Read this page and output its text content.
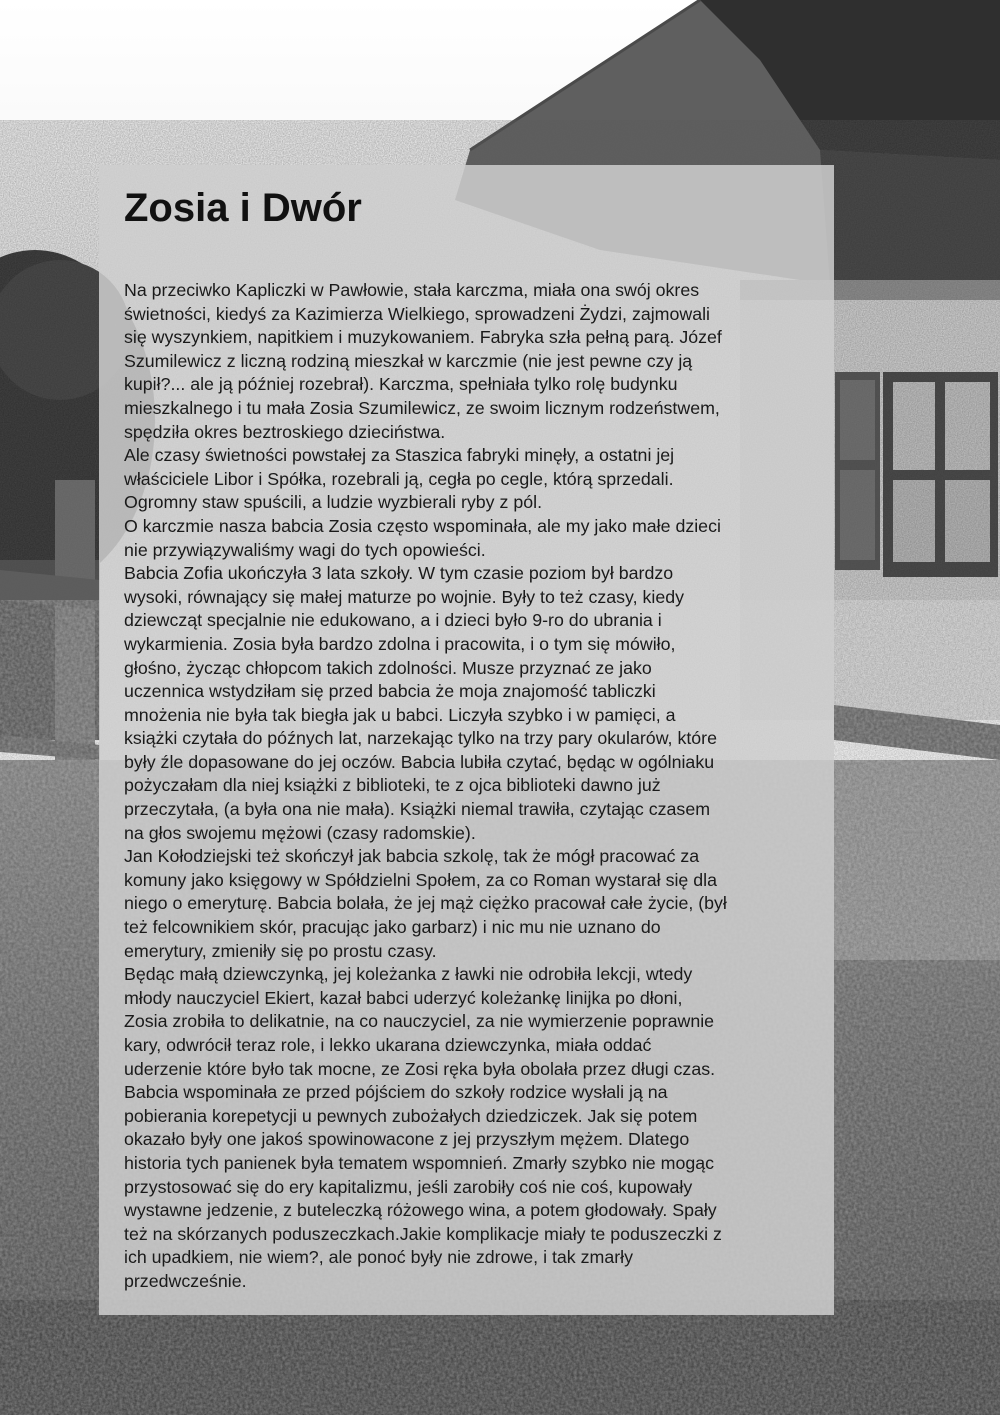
Zosia i Dwór
Na przeciwko Kapliczki w Pawłowie, stała karczma, miała ona swój okres
świetności, kiedyś za Kazimierza Wielkiego, sprowadzeni Żydzi, zajmowali
się wyszynkiem, napitkiem i muzykowaniem. Fabryka szła pełną parą. Józef
Szumilewicz z liczną rodziną mieszkał w karczmie (nie jest pewne czy ją
kupił?... ale ją później rozebrał). Karczma, spełniała tylko rolę budynku
mieszkalnego i tu mała Zosia Szumilewicz, ze swoim licznym rodzeństwem,
spędziła okres beztroskiego dzieciństwa.
Ale czasy świetności powstałej za Staszica fabryki minęły, a ostatni jej
właściciele Libor i Spółka, rozebrali ją, cegła po cegle, którą sprzedali.
Ogromny staw spuścili, a ludzie wyzbierali ryby z pól.
O karczmie nasza babcia Zosia często wspominała, ale my jako małe dzieci
nie przywiązywaliśmy wagi do tych opowieści.
Babcia Zofia ukończyła 3 lata szkoły. W tym czasie poziom był bardzo
wysoki, równający się małej maturze po wojnie. Były to też czasy, kiedy
dziewcząt specjalnie nie edukowano, a i dzieci było 9-ro do ubrania i
wykarmienia. Zosia była bardzo zdolna i pracowita, i o tym się mówiło,
głośno, życząc chłopcom takich zdolności. Musze przyznać ze jako
uczennica wstydziłam się przed babcia że moja znajomość tabliczki
mnożenia nie była tak biegła jak u babci. Liczyła szybko i w pamięci, a
książki czytała do późnych lat, narzekając tylko na trzy pary okularów, które
były źle dopasowane do jej oczów. Babcia lubiła czytać, będąc w ogólniaku
pożyczałam dla niej książki z biblioteki, te z ojca biblioteki dawno już
przeczytała, (a była ona nie mała). Książki niemal trawiła, czytając czasem
na głos swojemu mężowi (czasy radomskie).
Jan Kołodziejski też skończył jak babcia szkolę, tak że mógł pracować za
komuny jako księgowy w Spółdzielni Społem, za co Roman wystarał się dla
niego o emeryturę. Babcia bolała, że jej mąż ciężko pracował całe życie, (był
też felcownikiem skór, pracując jako garbarz) i nic mu nie uznano do
emerytury, zmieniły się po prostu czasy.
Będąc małą dziewczynką, jej koleżanka z ławki nie odrobiła lekcji, wtedy
młody nauczyciel Ekiert, kazał babci uderzyć koleżankę linijka po dłoni,
Zosia zrobiła to delikatnie, na co nauczyciel, za nie wymierzenie poprawnie
kary, odwrócił teraz role, i lekko ukarana dziewczynka, miała oddać
uderzenie które było tak mocne, ze Zosi ręka była obolała przez długi czas.
Babcia wspominała ze przed pójściem do szkoły rodzice wysłali ją na
pobierania korepetycji u pewnych zubożałych dziedziczek. Jak się potem
okazało były one jakoś spowinowacone z jej przyszłym mężem. Dlatego
historia tych panienek była tematem wspomnień. Zmarły szybko nie mogąc
przystosować się do ery kapitalizmu, jeśli zarobiły coś nie coś, kupowały
wystawne jedzenie, z buteleczką różowego wina, a potem głodowały. Spały
też na skórzanych poduszeczkach.Jakie komplikacje miały te poduszeczki z
ich upadkiem, nie wiem?, ale ponoć były nie zdrowe, i tak zmarły
przedwcześnie.
